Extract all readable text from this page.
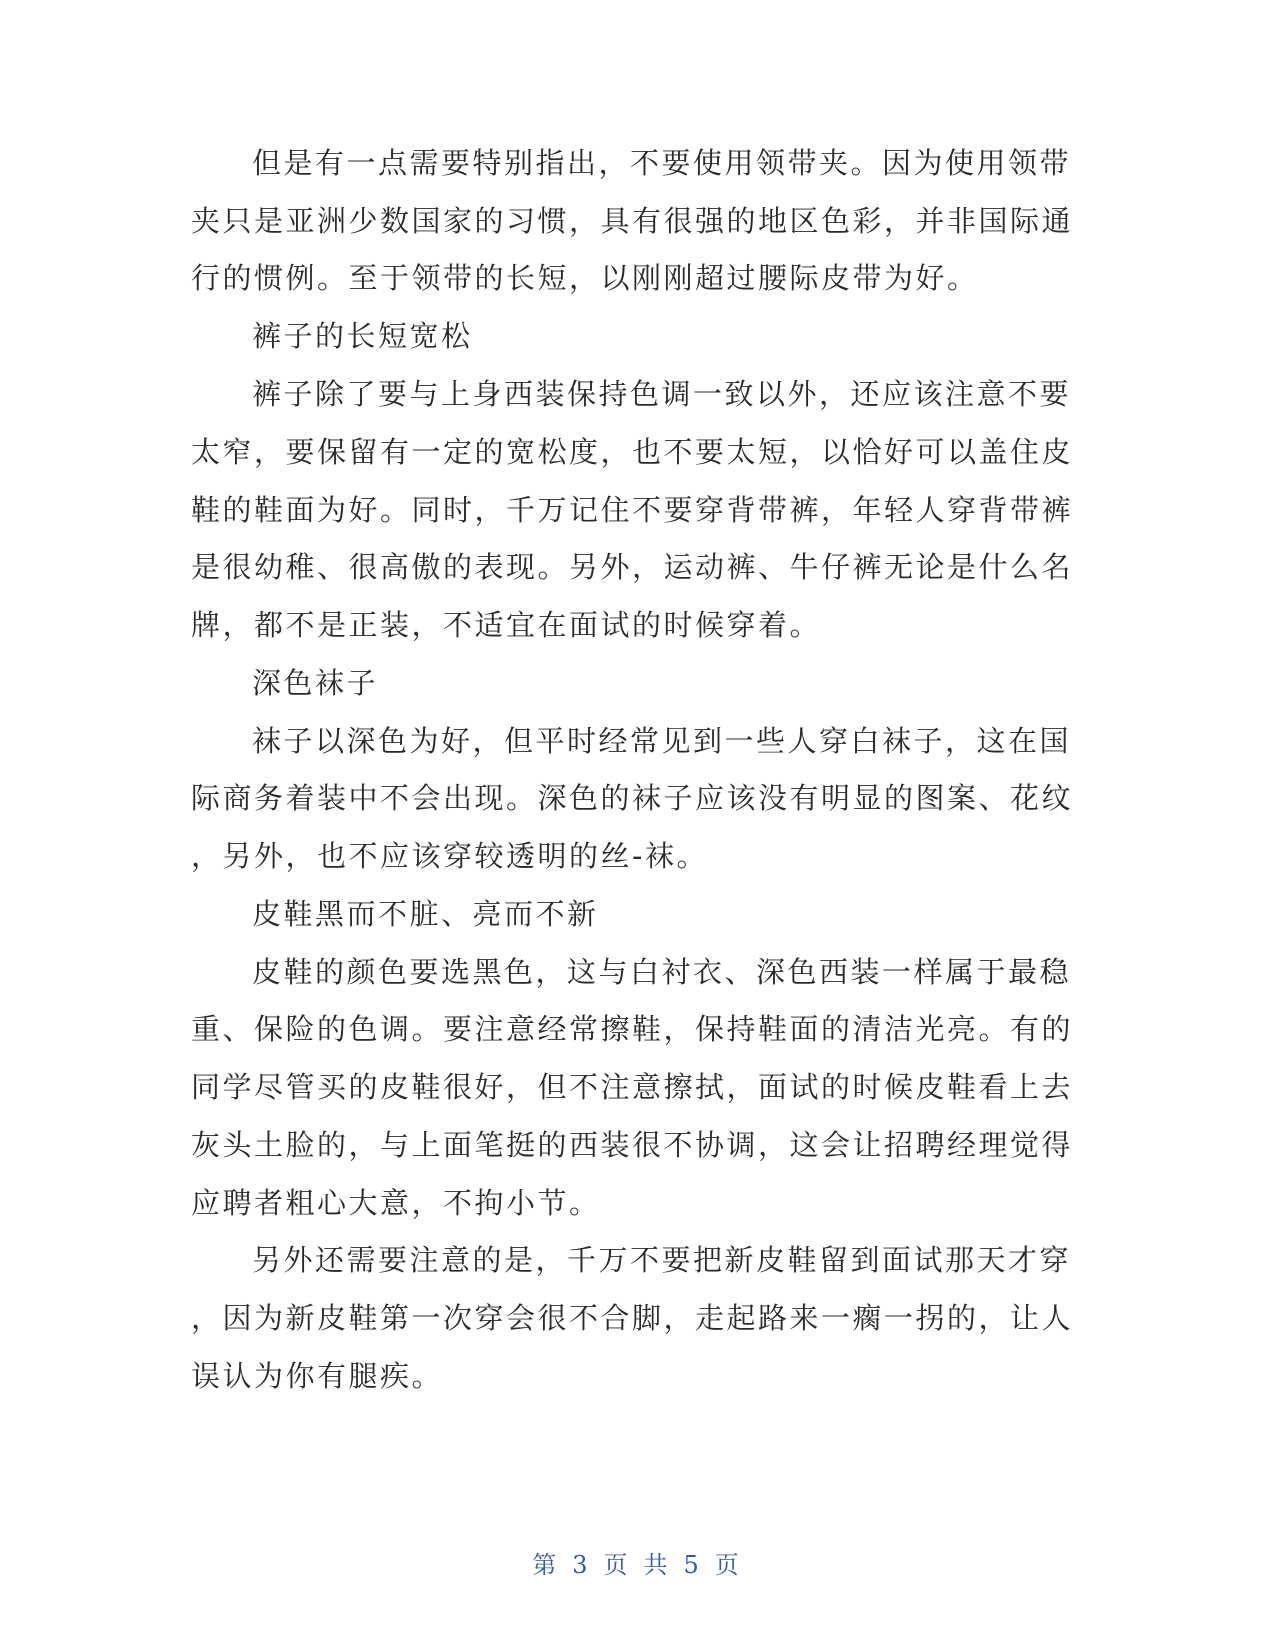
但是有一点需要特别指出，不要使用领带夹。因为使用领带
夹只是亚洲少数国家的习惯，具有很强的地区色彩，并非国际通
行的惯例。至于领带的长短，以刚刚超过腰际皮带为好。
裤子的长短宽松
裤子除了要与上身西装保持色调一致以外，还应该注意不要
太窄，要保留有一定的宽松度，也不要太短，以恰好可以盖住皮
鞋的鞋面为好。同时，千万记住不要穿背带裤，年轻人穿背带裤
是很幼稚、很高傲的表现。另外，运动裤、牛仔裤无论是什么名
牌，都不是正装，不适宜在面试的时候穿着。
深色袜子
袜子以深色为好，但平时经常见到一些人穿白袜子，这在国
际商务着装中不会出现。深色的袜子应该没有明显的图案、花纹
，另外，也不应该穿较透明的丝-袜。
皮鞋黑而不脏、亮而不新
皮鞋的颜色要选黑色，这与白衬衣、深色西装一样属于最稳
重、保险的色调。要注意经常擦鞋，保持鞋面的清洁光亮。有的
同学尽管买的皮鞋很好，但不注意擦拭，面试的时候皮鞋看上去
灰头土脸的，与上面笔挺的西装很不协调，这会让招聘经理觉得
应聘者粗心大意，不拘小节。
另外还需要注意的是，千万不要把新皮鞋留到面试那天才穿
，因为新皮鞋第一次穿会很不合脚，走起路来一瘸一拐的，让人
误认为你有腿疾。
第 3 页 共 5 页
